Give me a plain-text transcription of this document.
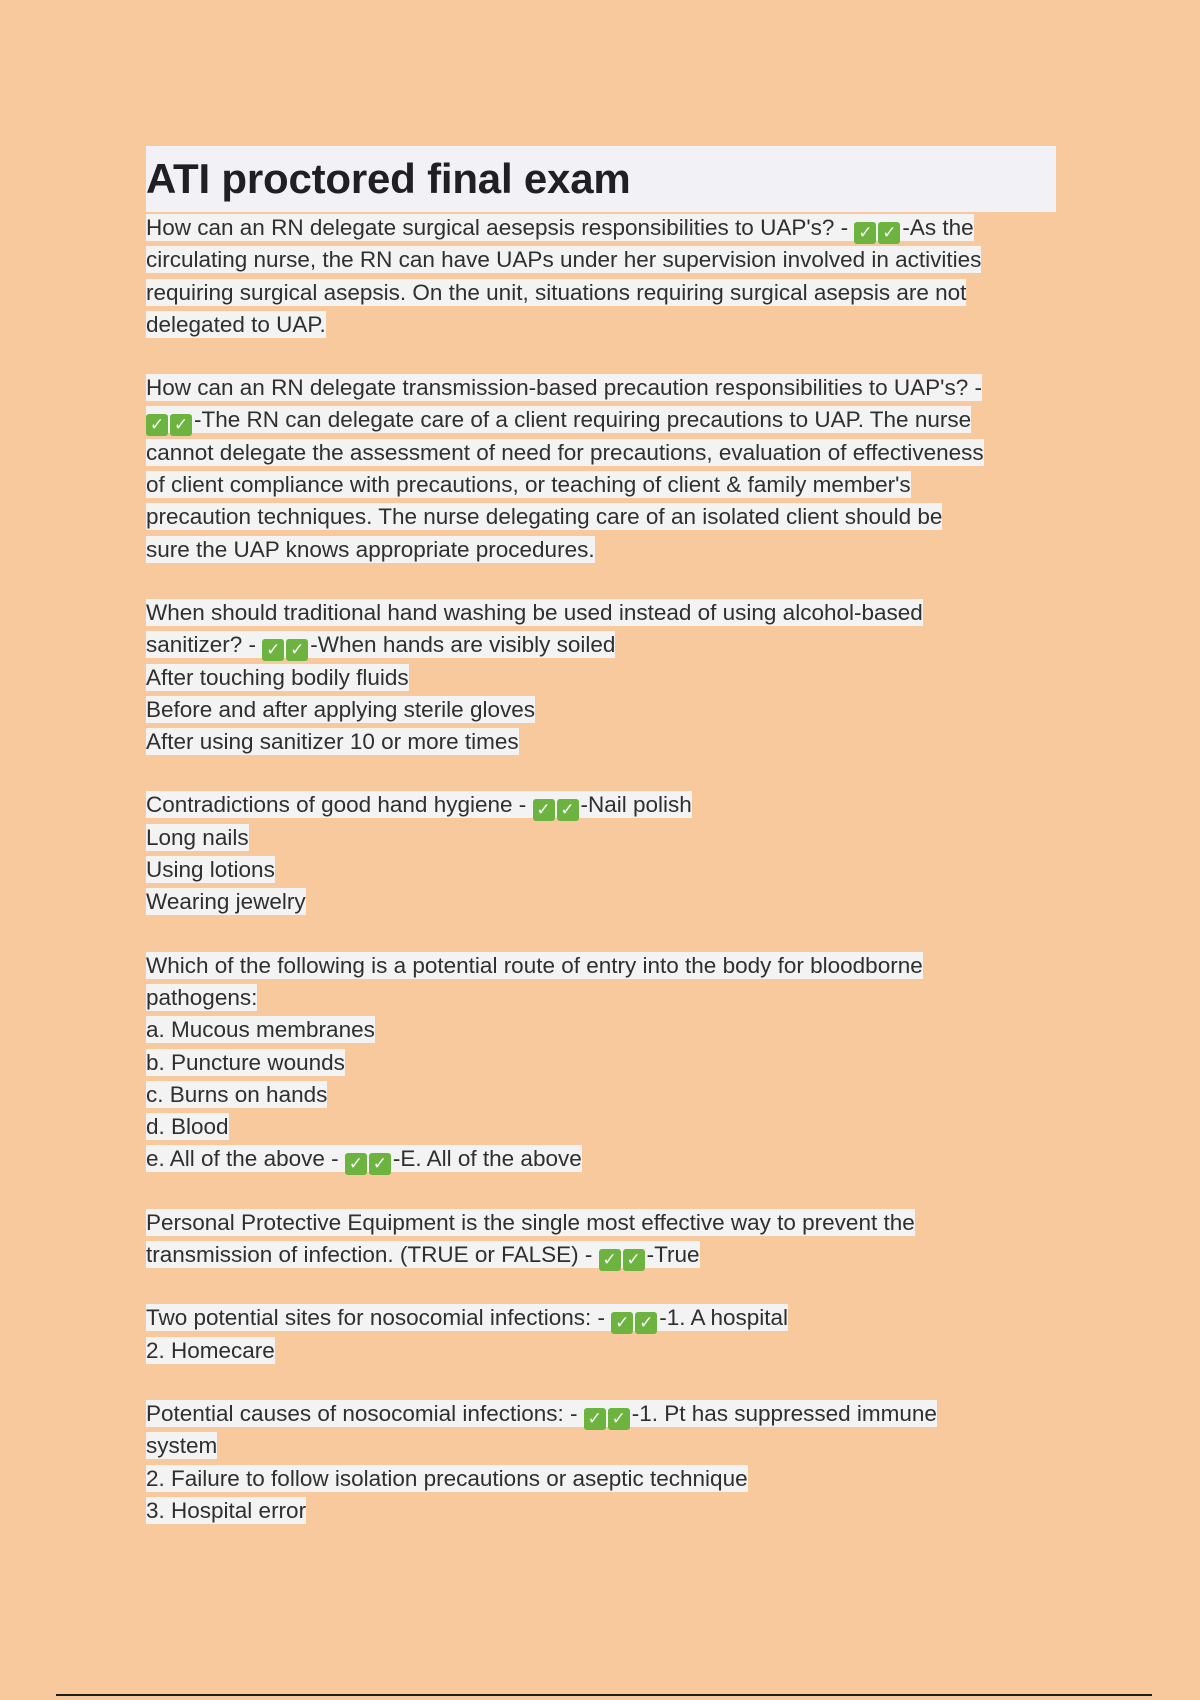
ATI proctored final exam
How can an RN delegate surgical aesepsis responsibilities to UAP's? - ✓ ✓ -As the
circulating nurse, the RN can have UAPs under her supervision involved in activities
requiring surgical asepsis. On the unit, situations requiring surgical asepsis are not
delegated to UAP.
How can an RN delegate transmission-based precaution responsibilities to UAP's? -
✓ ✓ -The RN can delegate care of a client requiring precautions to UAP. The nurse
cannot delegate the assessment of need for precautions, evaluation of effectiveness
of client compliance with precautions, or teaching of client & family member's
precaution techniques. The nurse delegating care of an isolated client should be
sure the UAP knows appropriate procedures.
When should traditional hand washing be used instead of using alcohol-based
sanitizer? - ✓ ✓ -When hands are visibly soiled
After touching bodily fluids
Before and after applying sterile gloves
After using sanitizer 10 or more times
Contradictions of good hand hygiene - ✓ ✓ -Nail polish
Long nails
Using lotions
Wearing jewelry
Which of the following is a potential route of entry into the body for bloodborne
pathogens:
a. Mucous membranes
b. Puncture wounds
c. Burns on hands
d. Blood
e. All of the above - ✓ ✓ -E. All of the above
Personal Protective Equipment is the single most effective way to prevent the
transmission of infection. (TRUE or FALSE) - ✓ ✓ -True
Two potential sites for nosocomial infections: - ✓ ✓ -1. A hospital
2. Homecare
Potential causes of nosocomial infections: - ✓ ✓ -1. Pt has suppressed immune
system
2. Failure to follow isolation precautions or aseptic technique
3. Hospital error
